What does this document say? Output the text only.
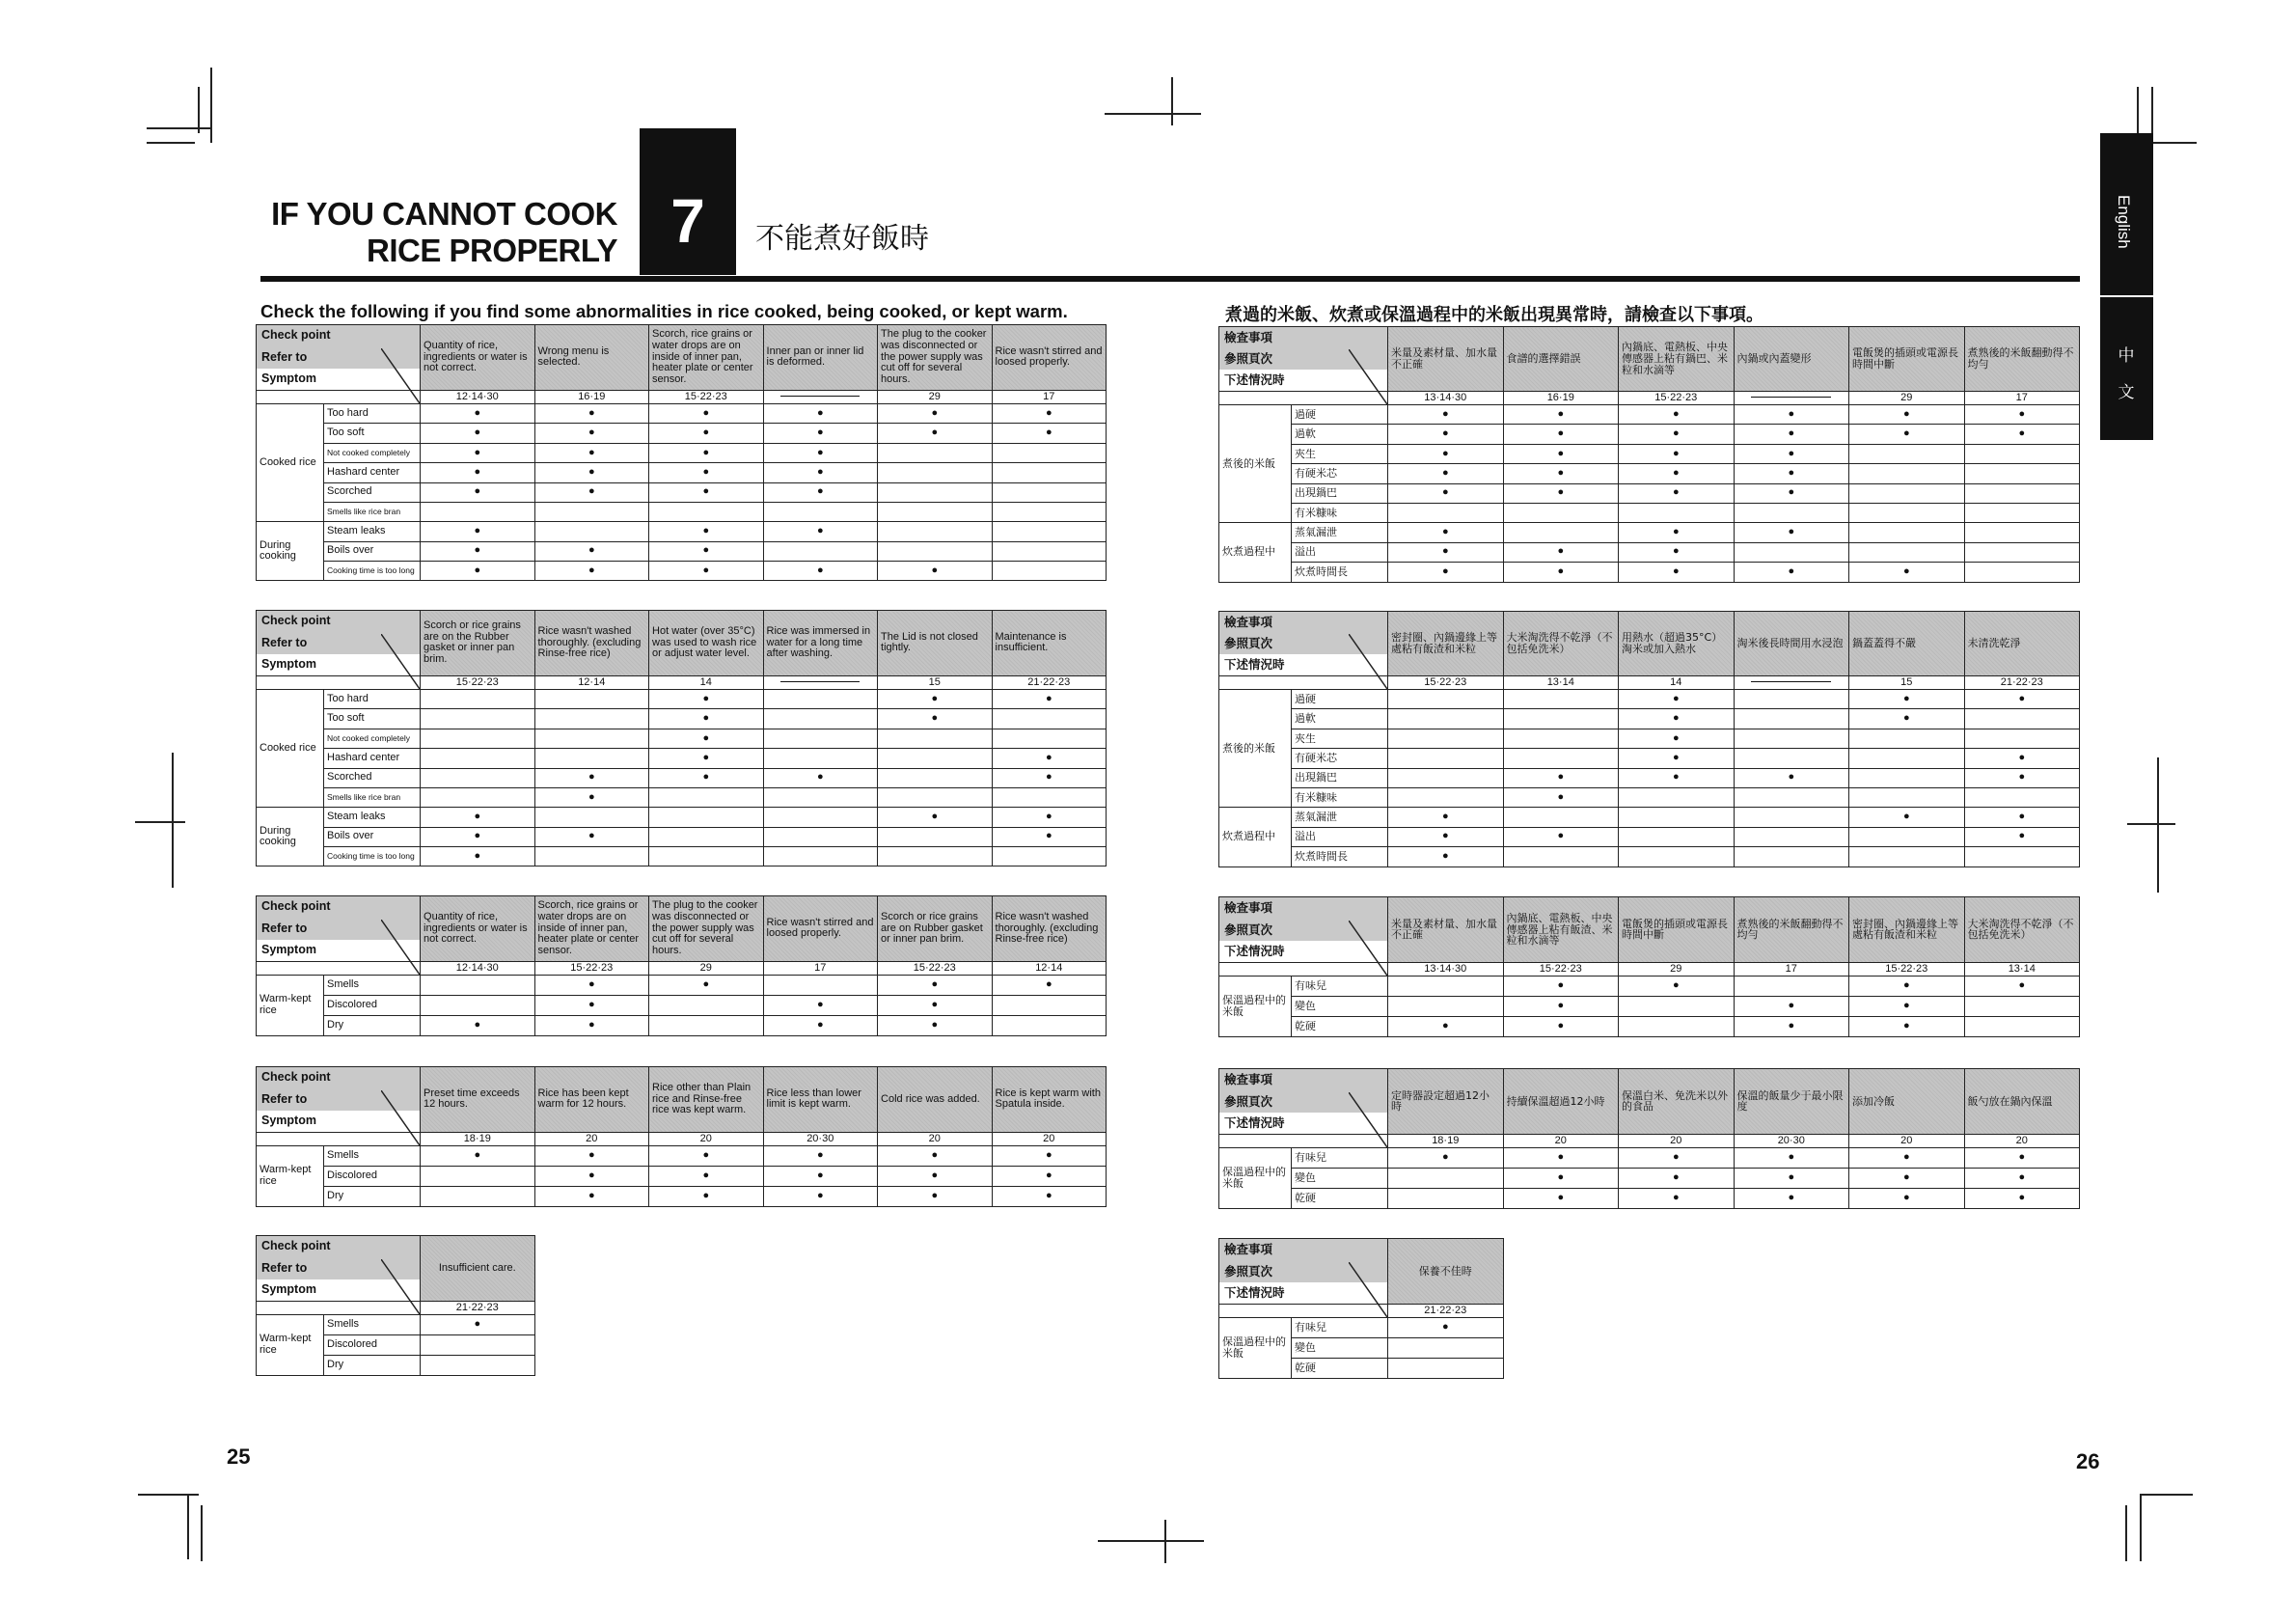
IF YOU CANNOT COOK
RICE PROPERLY 7	不能煮好飯時	English
中文
Check the following if you find some abnormalities in rice cooked, being cooked, or kept warm.	煮過的米飯、炊煮或保溫過程中的米飯出現異常時，請檢查以下事項。
25	26
Check point		Quantity of rice, ingredients or water is not correct.	Wrong menu is selected.	Scorch, rice grains or water drops are on inside of inner pan, heater plate or center sensor.	Inner pan or inner lid is deformed.	The plug to the cooker was disconnected or the power supply was cut off for several hours.	Rice wasn't stirred and loosed properly.
Refer to							
Symptom							
		12·14·30	16·19	15·22·23		29	17
Cooked rice	Too hard	●	●	●	●	●	●
	Too soft	●	●	●	●	●	●
	Not cooked completely	●	●	●	●		
	Hashard center	●	●	●	●		
	Scorched	●	●	●	●		
	Smells like rice bran						
During cooking	Steam leaks	●		●	●		
	Boils over	●	●	●			
	Cooking time is too long	●	●	●	●	●	
Check point		Scorch or rice grains are on the Rubber gasket or inner pan brim.	Rice wasn't washed thoroughly. (excluding Rinse-free rice)	Hot water (over 35°C) was used to wash rice or adjust water level.	Rice was immersed in water for a long time after washing.	The Lid is not closed tightly.	Maintenance is insufficient.
Refer to							
Symptom							
		15·22·23	12·14	14		15	21·22·23
Cooked rice	Too hard			●		●	●
	Too soft			●		●	
	Not cooked completely			●			
	Hashard center			●			●
	Scorched		●	●	●		●
	Smells like rice bran		●				
During cooking	Steam leaks	●				●	●
	Boils over	●	●				●
	Cooking time is too long	●					
Check point		Quantity of rice, ingredients or water is not correct.	Scorch, rice grains or water drops are on inside of inner pan, heater plate or center sensor.	The plug to the cooker was disconnected or the power supply was cut off for several hours.	Rice wasn't stirred and loosed properly.	Scorch or rice grains are on Rubber gasket or inner pan brim.	Rice wasn't washed thoroughly. (excluding Rinse-free rice)
Refer to							
Symptom							
		12·14·30	15·22·23	29	17	15·22·23	12·14
Warm-kept rice	Smells		●	●		●	●
	Discolored		●		●	●	
	Dry	●	●		●	●	
Check point		Preset time exceeds 12 hours.	Rice has been kept warm for 12 hours.	Rice other than Plain rice and Rinse-free rice was kept warm.	Rice less than lower limit is kept warm.	Cold rice was added.	Rice is kept warm with Spatula inside.
Refer to							
Symptom							
		18·19	20	20	20·30	20	20
Warm-kept rice	Smells	●	●	●	●	●	●
	Discolored		●	●	●	●	●
	Dry		●	●	●	●	●
Check point		Insufficient care.
Refer to		
Symptom		
		21·22·23
Warm-kept rice	Smells	●
	Discolored	
	Dry	
檢查事項		米量及素材量、加水量不正確	食譜的選擇錯誤	內鍋底、電熱板、中央傳感器上粘有鍋巴、米粒和水滴等	內鍋或內蓋變形	電飯煲的插頭或電源長時間中斷	煮熟後的米飯翻動得不均勻
參照頁次							
下述情況時							
		13·14·30	16·19	15·22·23		29	17
煮後的米飯	過硬	●	●	●	●	●	●
	過軟	●	●	●	●	●	●
	夾生	●	●	●	●		
	有硬米芯	●	●	●	●		
	出現鍋巴	●	●	●	●		
	有米糠味						
炊煮過程中	蒸氣漏泄	●		●	●		
	溢出	●	●	●			
	炊煮時間長	●	●	●	●	●	
檢查事項		密封圈、內鍋邊緣上等處粘有飯渣和米粒	大米淘洗得不乾淨（不包括免洗米）	用熱水（超過35°C）淘米或加入熱水	淘米後長時間用水浸泡	鍋蓋蓋得不嚴	未清洗乾淨
參照頁次							
下述情況時							
		15·22·23	13·14	14		15	21·22·23
煮後的米飯	過硬			●		●	●
	過軟			●		●	
	夾生			●			
	有硬米芯			●			●
	出現鍋巴		●	●	●		●
	有米糠味		●				
炊煮過程中	蒸氣漏泄	●				●	●
	溢出	●	●				●
	炊煮時間長	●					
檢查事項		米量及素材量、加水量不正確	內鍋底、電熱板、中央傳感器上粘有飯渣、米粒和水滴等	電飯煲的插頭或電源長時間中斷	煮熟後的米飯翻動得不均勻	密封圈、內鍋邊緣上等處粘有飯渣和米粒	大米淘洗得不乾淨（不包括免洗米）
參照頁次							
下述情況時							
		13·14·30	15·22·23	29	17	15·22·23	13·14
保溫過程中的米飯	有味兒		●	●		●	●
	變色		●		●	●	
	乾硬	●	●		●	●	
檢查事項		定時器設定超過12小時	持續保溫超過12小時	保溫白米、免洗米以外的食品	保溫的飯量少于最小限度	添加冷飯	飯勺放在鍋內保溫
參照頁次							
下述情況時							
		18·19	20	20	20·30	20	20
保溫過程中的米飯	有味兒	●	●	●	●	●	●
	變色		●	●	●	●	●
	乾硬		●	●	●	●	●
檢查事項		保養不佳時
參照頁次		
下述情況時		
		21·22·23
保溫過程中的米飯	有味兒	●
	變色	
	乾硬	
